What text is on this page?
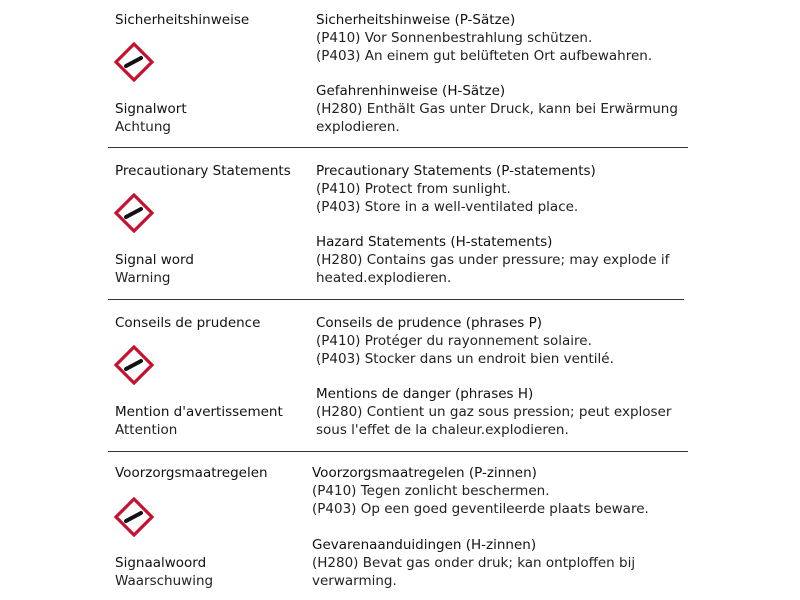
Sicherheitshinweise
Signalwort
Achtung
Sicherheitshinweise (P-Sätze)
(P410) Vor Sonnenbestrahlung schützen.
(P403) An einem gut belüfteten Ort aufbewahren.
Gefahrenhinweise (H-Sätze)
(H280) Enthält Gas unter Druck, kann bei Erwärmung
explodieren.
Precautionary Statements
Signal word
Warning
Precautionary Statements (P-statements)
(P410) Protect from sunlight.
(P403) Store in a well-ventilated place.
Hazard Statements (H-statements)
(H280) Contains gas under pressure; may explode if
heated.explodieren.
Conseils de prudence
Mention d'avertissement
Attention
Conseils de prudence (phrases P)
(P410) Protéger du rayonnement solaire.
(P403) Stocker dans un endroit bien ventilé.
Mentions de danger (phrases H)
(H280) Contient un gaz sous pression; peut exploser
sous l'effet de la chaleur.explodieren.
Voorzorgsmaatregelen
Signaalwoord
Waarschuwing
Voorzorgsmaatregelen (P-zinnen)
(P410) Tegen zonlicht beschermen.
(P403) Op een goed geventileerde plaats beware.
Gevarenaanduidingen (H-zinnen)
(H280) Bevat gas onder druk; kan ontploffen bij
verwarming.
